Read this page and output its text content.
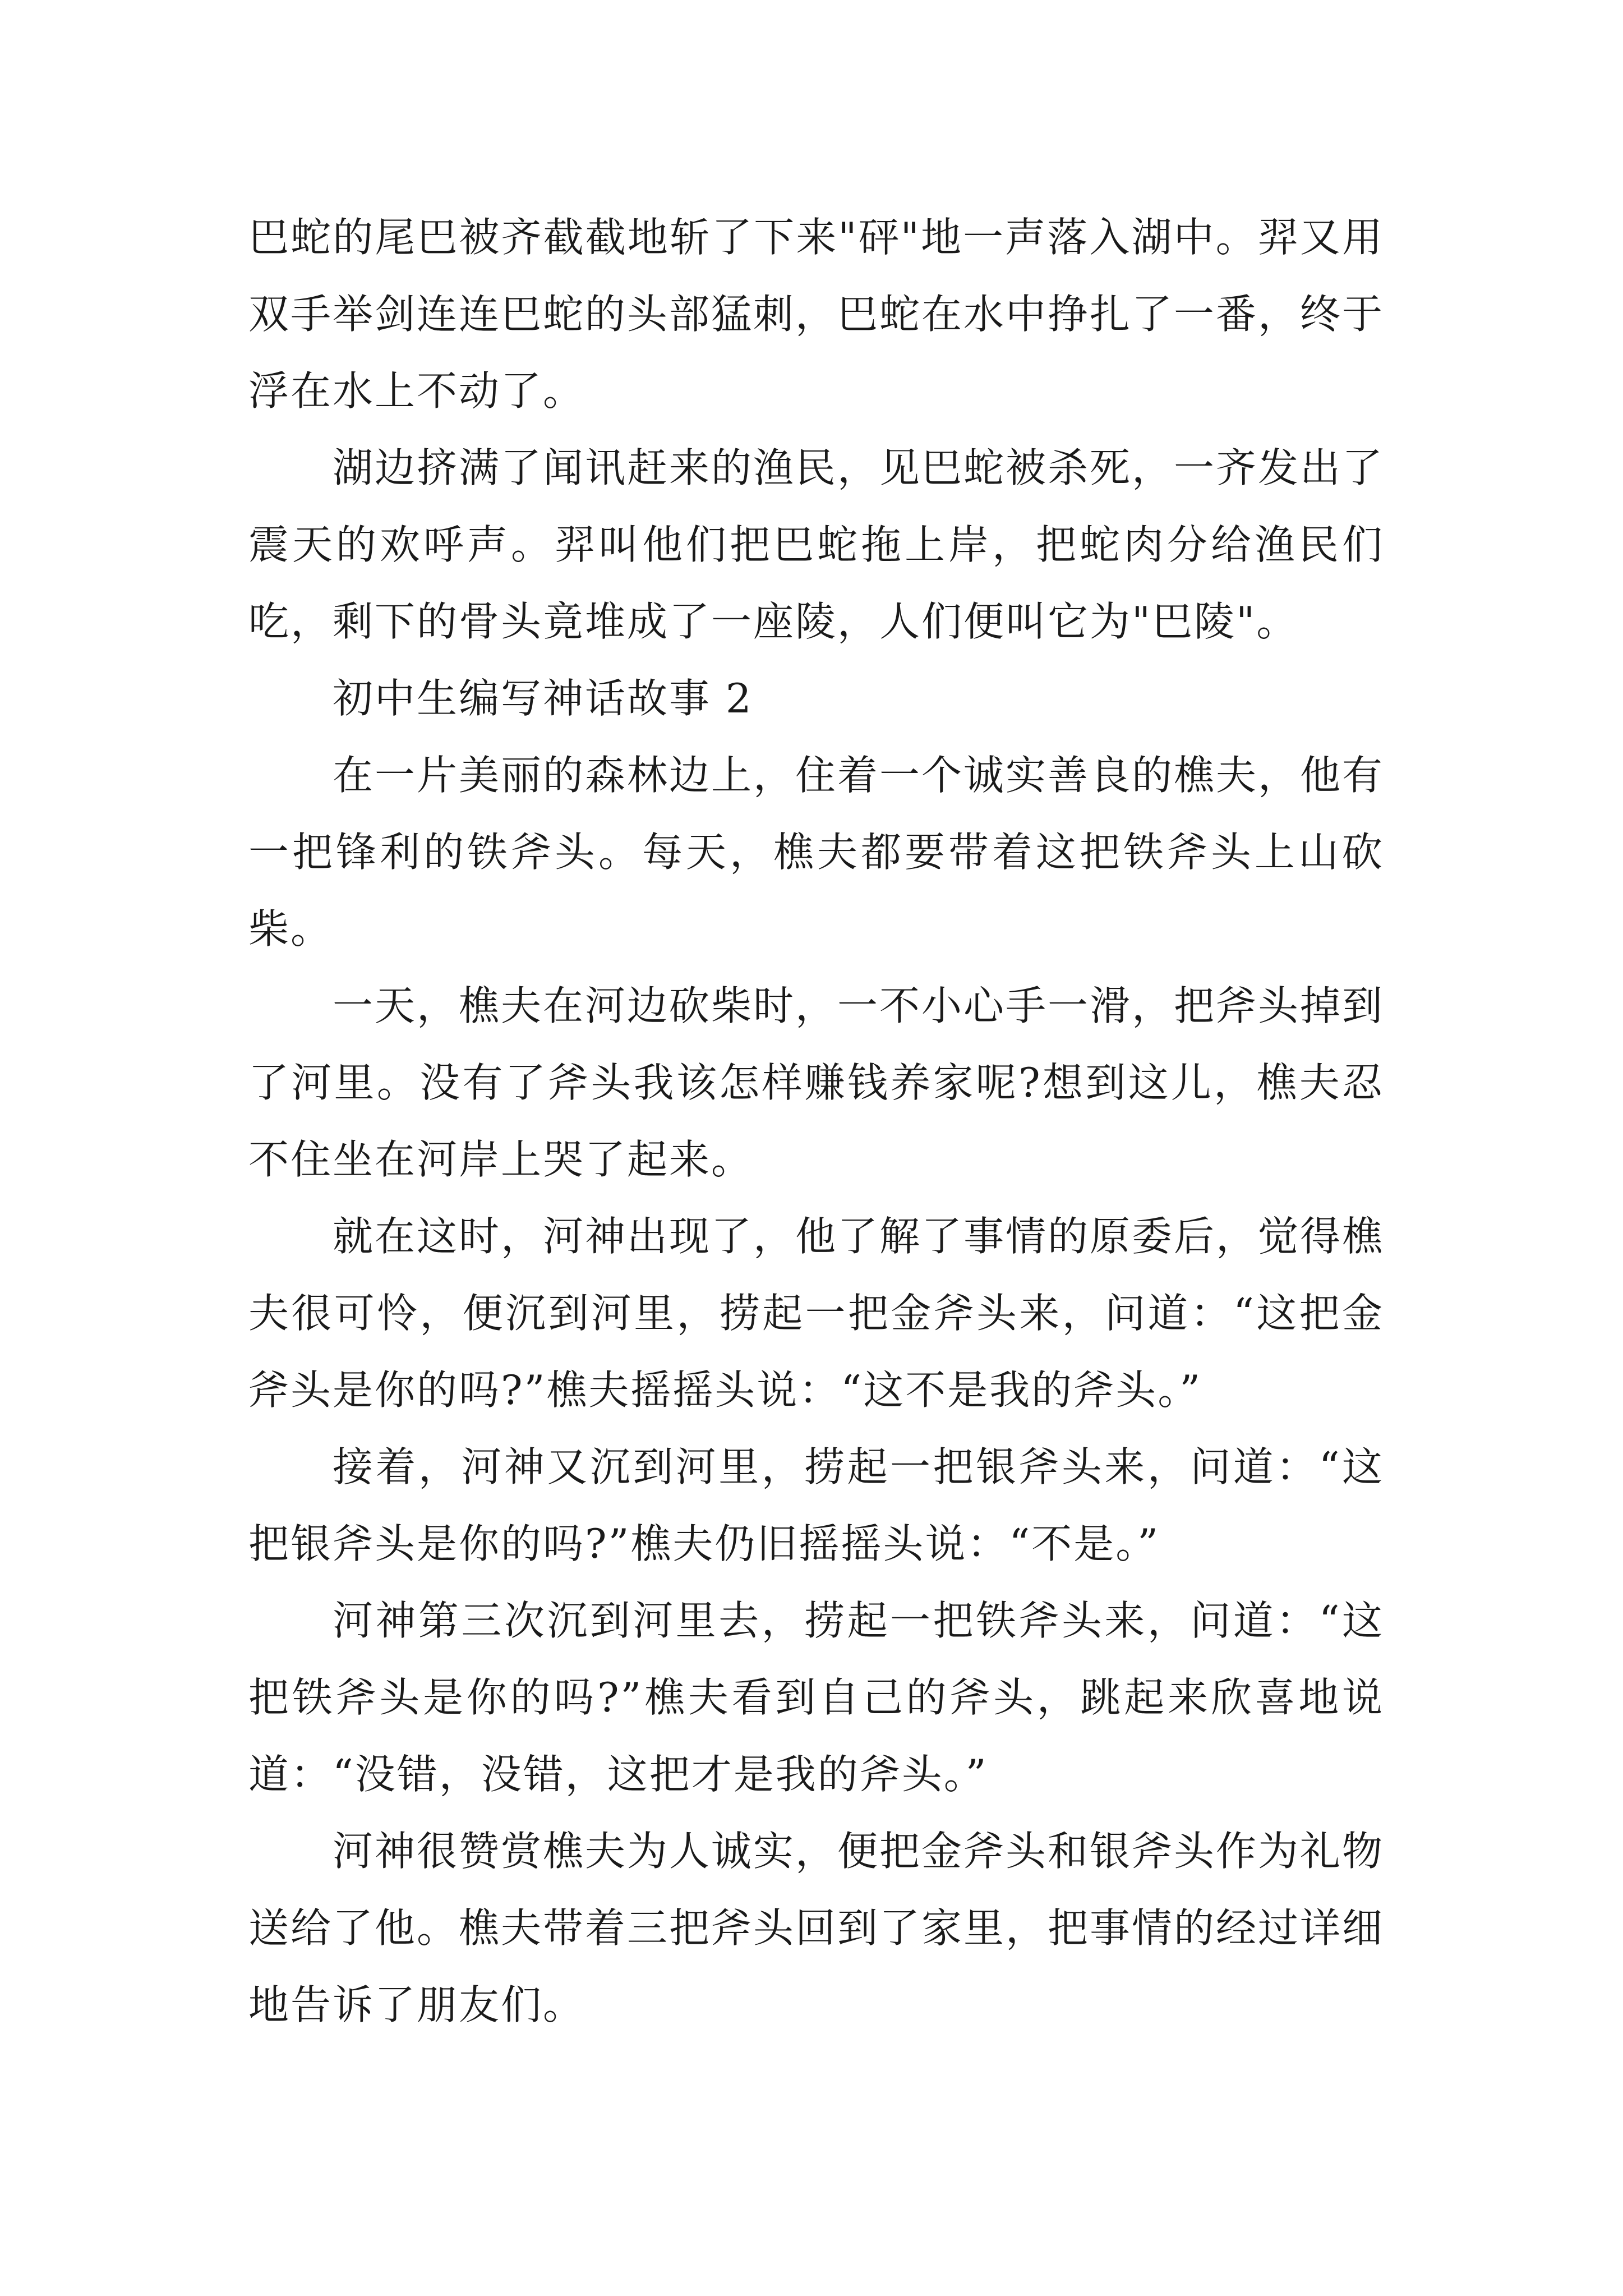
巴蛇的尾巴被齐截截地斩了下来"砰"地一声落入湖中。羿又用双手举剑连连巴蛇的头部猛刺，巴蛇在水中挣扎了一番，终于浮在水上不动了。

湖边挤满了闻讯赶来的渔民，见巴蛇被杀死，一齐发出了震天的欢呼声。羿叫他们把巴蛇拖上岸，把蛇肉分给渔民们吃，剩下的骨头竟堆成了一座陵，人们便叫它为"巴陵"。

初中生编写神话故事 2

在一片美丽的森林边上，住着一个诚实善良的樵夫，他有一把锋利的铁斧头。每天，樵夫都要带着这把铁斧头上山砍柴。

一天，樵夫在河边砍柴时，一不小心手一滑，把斧头掉到了河里。没有了斧头我该怎样赚钱养家呢?想到这儿，樵夫忍不住坐在河岸上哭了起来。

就在这时，河神出现了，他了解了事情的原委后，觉得樵夫很可怜，便沉到河里，捞起一把金斧头来，问道：“这把金斧头是你的吗?”樵夫摇摇头说：“这不是我的斧头。”

接着，河神又沉到河里，捞起一把银斧头来，问道：“这把银斧头是你的吗?”樵夫仍旧摇摇头说：“不是。”

河神第三次沉到河里去，捞起一把铁斧头来，问道：“这把铁斧头是你的吗?”樵夫看到自己的斧头，跳起来欣喜地说道：“没错，没错，这把才是我的斧头。”

河神很赞赏樵夫为人诚实，便把金斧头和银斧头作为礼物送给了他。樵夫带着三把斧头回到了家里，把事情的经过详细地告诉了朋友们。
